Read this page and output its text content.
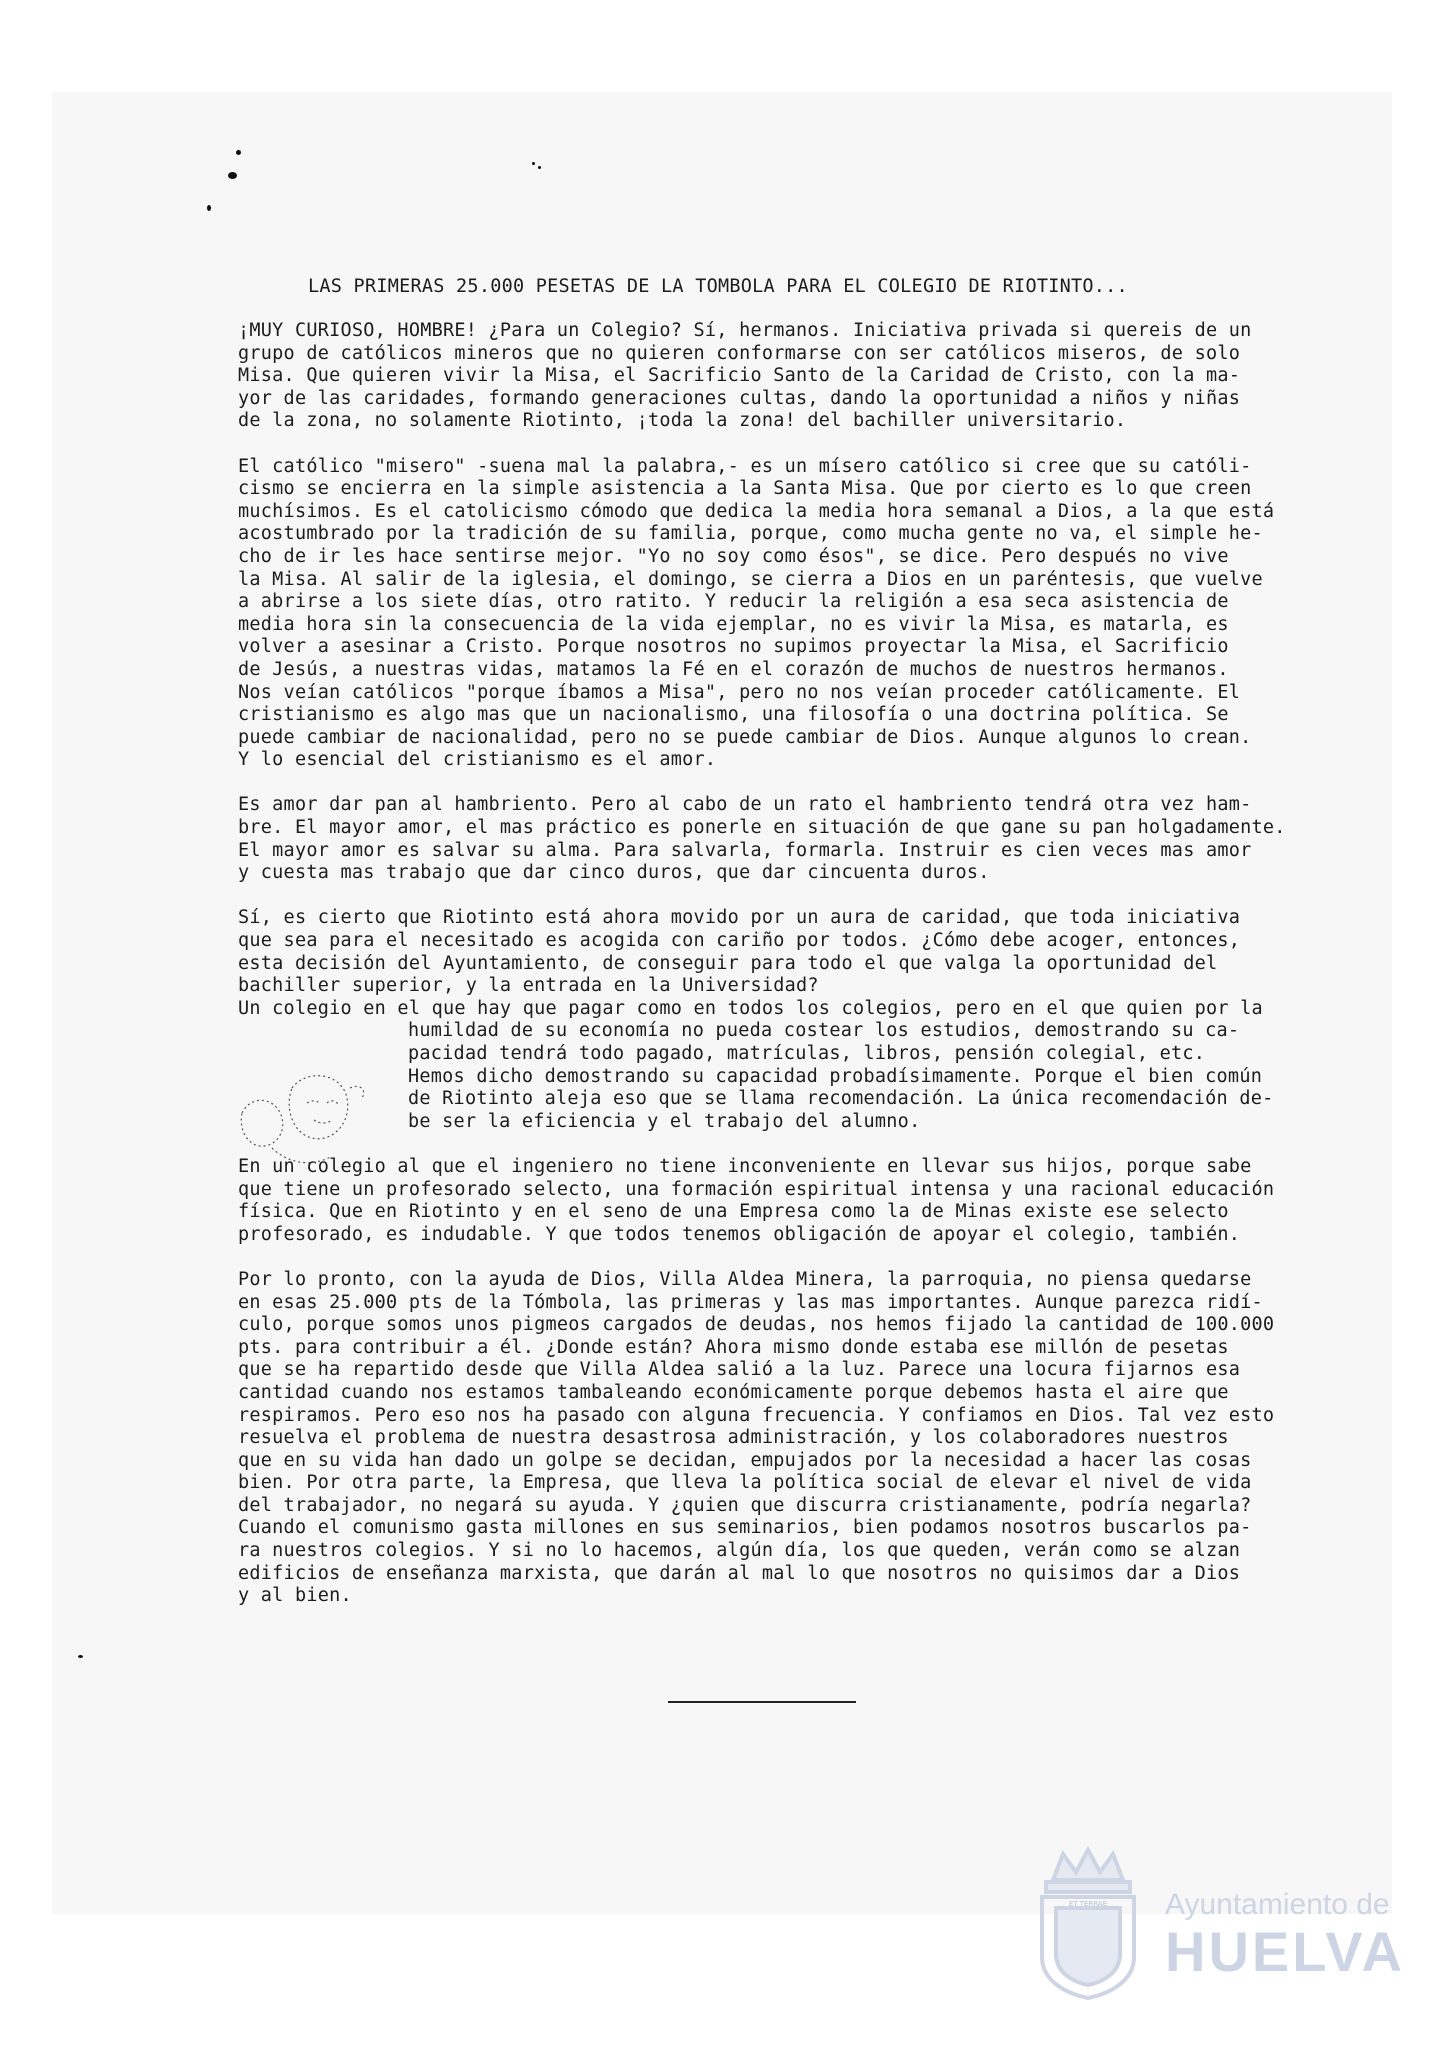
LAS PRIMERAS 25.000 PESETAS DE LA TOMBOLA PARA EL COLEGIO DE RIOTINTO...
¡MUY CURIOSO, HOMBRE! ¿Para un Colegio? Sí, hermanos. Iniciativa privada si quereis de un
grupo de católicos mineros que no quieren conformarse con ser católicos miseros, de solo
Misa. Que quieren vivir la Misa, el Sacrificio Santo de la Caridad de Cristo, con la ma-
yor de las caridades, formando generaciones cultas, dando la oportunidad a niños y niñas
de la zona, no solamente Riotinto, ¡toda la zona! del bachiller universitario.
El católico "misero" -suena mal la palabra,- es un mísero católico si cree que su católi-
cismo se encierra en la simple asistencia a la Santa Misa. Que por cierto es lo que creen
muchísimos. Es el catolicismo cómodo que dedica la media hora semanal a Dios, a la que está
acostumbrado por la tradición de su familia, porque, como mucha gente no va, el simple he-
cho de ir les hace sentirse mejor. "Yo no soy como ésos", se dice. Pero después no vive
la Misa. Al salir de la iglesia, el domingo, se cierra a Dios en un paréntesis, que vuelve
a abrirse a los siete días, otro ratito. Y reducir la religión a esa seca asistencia de
media hora sin la consecuencia de la vida ejemplar, no es vivir la Misa, es matarla, es
volver a asesinar a Cristo. Porque nosotros no supimos proyectar la Misa, el Sacrificio
de Jesús, a nuestras vidas, matamos la Fé en el corazón de muchos de nuestros hermanos.
Nos veían católicos "porque íbamos a Misa", pero no nos veían proceder católicamente. El
cristianismo es algo mas que un nacionalismo, una filosofía o una doctrina política. Se
puede cambiar de nacionalidad, pero no se puede cambiar de Dios. Aunque algunos lo crean.
Y lo esencial del cristianismo es el amor.
Es amor dar pan al hambriento. Pero al cabo de un rato el hambriento tendrá otra vez ham-
bre. El mayor amor, el mas práctico es ponerle en situación de que gane su pan holgadamente.
El mayor amor es salvar su alma. Para salvarla, formarla. Instruir es cien veces mas amor
y cuesta mas trabajo que dar cinco duros, que dar cincuenta duros.
Sí, es cierto que Riotinto está ahora movido por un aura de caridad, que toda iniciativa
que sea para el necesitado es acogida con cariño por todos. ¿Cómo debe acoger, entonces,
esta decisión del Ayuntamiento, de conseguir para todo el que valga la oportunidad del
bachiller superior, y la entrada en la Universidad?
Un colegio en el que hay que pagar como en todos los colegios, pero en el que quien por la
humildad de su economía no pueda costear los estudios, demostrando su ca-
pacidad tendrá todo pagado, matrículas, libros, pensión colegial, etc.
Hemos dicho demostrando su capacidad probadísimamente. Porque el bien común
de Riotinto aleja eso que se llama recomendación. La única recomendación de-
be ser la eficiencia y el trabajo del alumno.
En un colegio al que el ingeniero no tiene inconveniente en llevar sus hijos, porque sabe
que tiene un profesorado selecto, una formación espiritual intensa y una racional educación
física. Que en Riotinto y en el seno de una Empresa como la de Minas existe ese selecto
profesorado, es indudable. Y que todos tenemos obligación de apoyar el colegio, también.
Por lo pronto, con la ayuda de Dios, Villa Aldea Minera, la parroquia, no piensa quedarse
en esas 25.000 pts de la Tómbola, las primeras y las mas importantes. Aunque parezca ridí-
culo, porque somos unos pigmeos cargados de deudas, nos hemos fijado la cantidad de 100.000
pts. para contribuir a él. ¿Donde están? Ahora mismo donde estaba ese millón de pesetas
que se ha repartido desde que Villa Aldea salió a la luz. Parece una locura fijarnos esa
cantidad cuando nos estamos tambaleando económicamente porque debemos hasta el aire que
respiramos. Pero eso nos ha pasado con alguna frecuencia. Y confiamos en Dios. Tal vez esto
resuelva el problema de nuestra desastrosa administración, y los colaboradores nuestros
que en su vida han dado un golpe se decidan, empujados por la necesidad a hacer las cosas
bien. Por otra parte, la Empresa, que lleva la política social de elevar el nivel de vida
del trabajador, no negará su ayuda. Y ¿quien que discurra cristianamente, podría negarla?
Cuando el comunismo gasta millones en sus seminarios, bien podamos nosotros buscarlos pa-
ra nuestros colegios. Y si no lo hacemos, algún día, los que queden, verán como se alzan
edificios de enseñanza marxista, que darán al mal lo que nosotros no quisimos dar a Dios
y al bien.
ET TERRAE Ayuntamiento de
HUELVA
